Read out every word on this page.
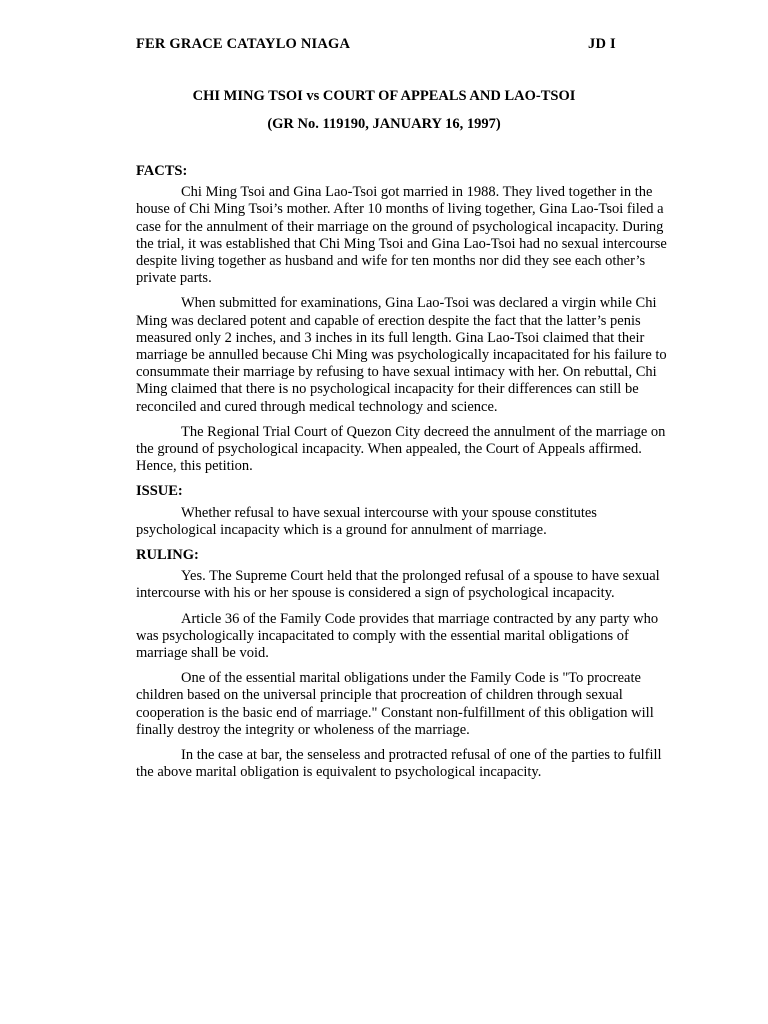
FER GRACE CATAYLO NIAGA	JD I
CHI MING TSOI vs COURT OF APPEALS AND LAO-TSOI
(GR No. 119190, JANUARY 16, 1997)

FACTS:

Chi Ming Tsoi and Gina Lao-Tsoi got married in 1988. They lived together in the house of Chi Ming Tsoi’s mother. After 10 months of living together, Gina Lao-Tsoi filed a case for the annulment of their marriage on the ground of psychological incapacity. During the trial, it was established that Chi Ming Tsoi and Gina Lao-Tsoi had no sexual intercourse despite living together as husband and wife for ten months nor did they see each other’s private parts.

When submitted for examinations, Gina Lao-Tsoi was declared a virgin while Chi Ming was declared potent and capable of erection despite the fact that the latter’s penis measured only 2 inches, and 3 inches in its full length. Gina Lao-Tsoi claimed that their marriage be annulled because Chi Ming was psychologically incapacitated for his failure to consummate their marriage by refusing to have sexual intimacy with her. On rebuttal, Chi Ming claimed that there is no psychological incapacity for their differences can still be reconciled and cured through medical technology and science.

The Regional Trial Court of Quezon City decreed the annulment of the marriage on the ground of psychological incapacity. When appealed, the Court of Appeals affirmed. Hence, this petition.

ISSUE:

Whether refusal to have sexual intercourse with your spouse constitutes psychological incapacity which is a ground for annulment of marriage.

RULING:

Yes. The Supreme Court held that the prolonged refusal of a spouse to have sexual intercourse with his or her spouse is considered a sign of psychological incapacity.

Article 36 of the Family Code provides that marriage contracted by any party who was psychologically incapacitated to comply with the essential marital obligations of marriage shall be void.

One of the essential marital obligations under the Family Code is "To procreate children based on the universal principle that procreation of children through sexual cooperation is the basic end of marriage." Constant non-fulfillment of this obligation will finally destroy the integrity or wholeness of the marriage.

In the case at bar, the senseless and protracted refusal of one of the parties to fulfill the above marital obligation is equivalent to psychological incapacity.
